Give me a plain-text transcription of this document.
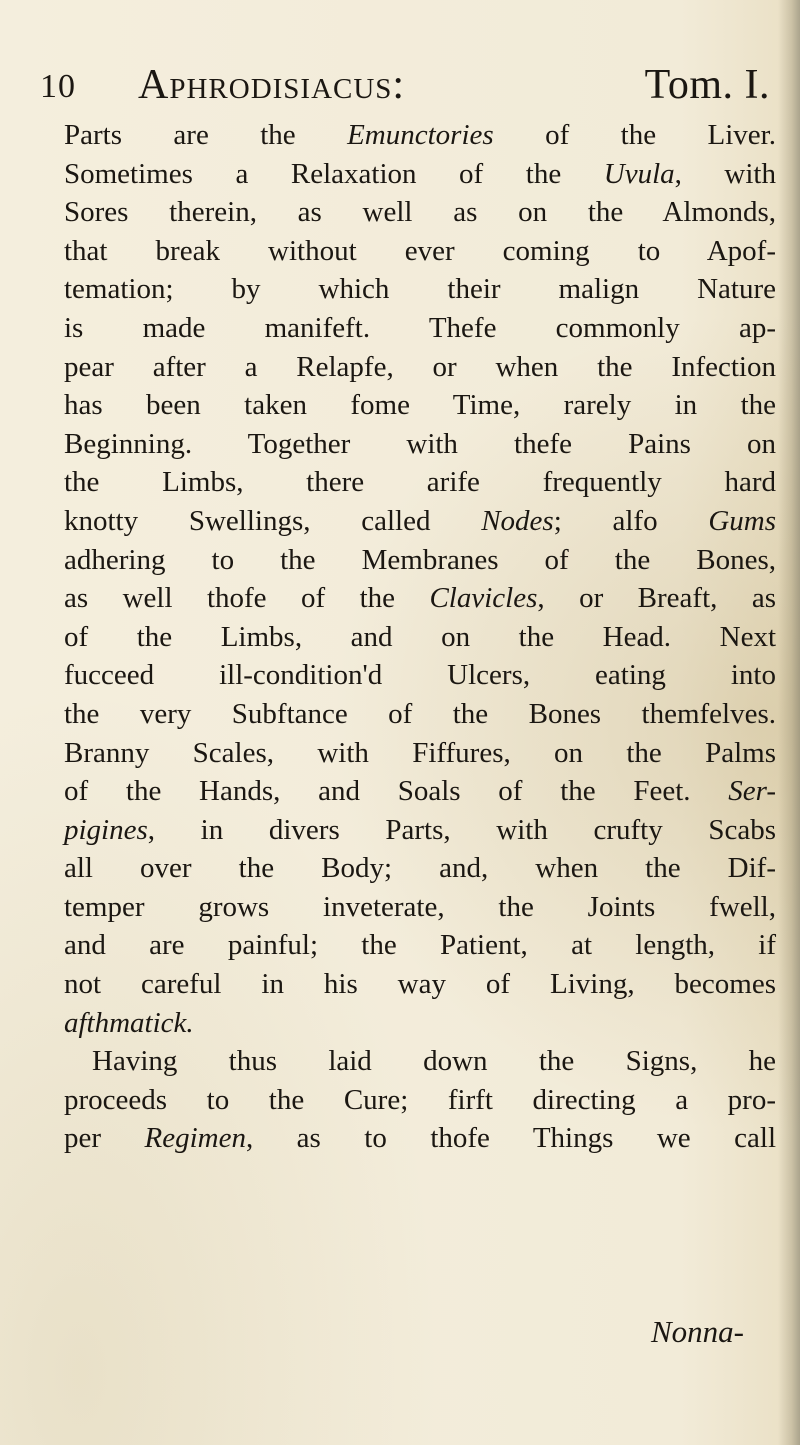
10 Aphrodisiacus:	Tom. I.
Parts are the Emunctories of the Liver.
Sometimes a Relaxation of the Uvula, with
Sores therein, as well as on the Almonds,
that break without ever coming to Apof-
temation; by which their malign Nature
is made manifeft. Thefe commonly ap-
pear after a Relapfe, or when the Infection
has been taken fome Time, rarely in the
Beginning. Together with thefe Pains on
the Limbs, there arife frequently hard
knotty Swellings, called Nodes; alfo Gums
adhering to the Membranes of the Bones,
as well thofe of the Clavicles, or Breaft, as
of the Limbs, and on the Head. Next
fucceed ill-condition'd Ulcers, eating into
the very Subftance of the Bones themfelves.
Branny Scales, with Fiffures, on the Palms
of the Hands, and Soals of the Feet. Ser-
pigines, in divers Parts, with crufty Scabs
all over the Body; and, when the Dif-
temper grows inveterate, the Joints fwell,
and are painful; the Patient, at length, if
not careful in his way of Living, becomes
afthmatick.
Having thus laid down the Signs, he
proceeds to the Cure; firft directing a pro-
per Regimen, as to thofe Things we call
Nonna-
